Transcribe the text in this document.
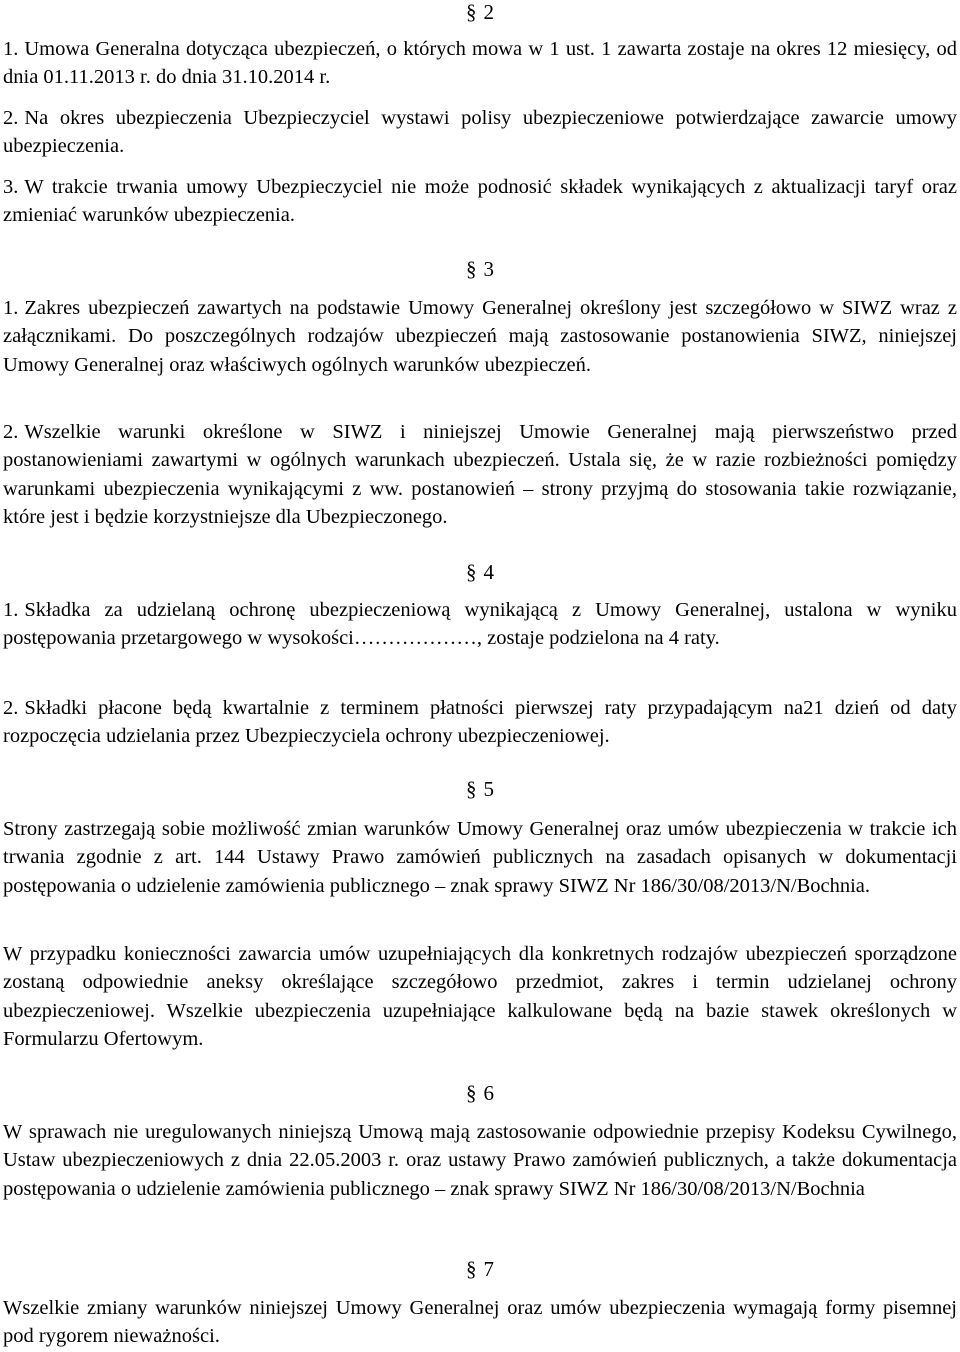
§ 2

1. Umowa Generalna dotycząca ubezpieczeń, o których mowa w 1 ust. 1 zawarta zostaje na okres 12 miesięcy, od dnia 01.11.2013 r. do dnia 31.10.2014 r.

2. Na okres ubezpieczenia Ubezpieczyciel wystawi polisy ubezpieczeniowe potwierdzające zawarcie umowy ubezpieczenia.

3. W trakcie trwania umowy Ubezpieczyciel nie może podnosić składek wynikających z aktualizacji taryf oraz zmieniać warunków ubezpieczenia.

§ 3

1. Zakres ubezpieczeń zawartych na podstawie Umowy Generalnej określony jest szczegółowo w SIWZ wraz z załącznikami. Do poszczególnych rodzajów ubezpieczeń mają zastosowanie postanowienia SIWZ, niniejszej Umowy Generalnej oraz właściwych ogólnych warunków ubezpieczeń.

2. Wszelkie warunki określone w SIWZ i niniejszej Umowie Generalnej mają pierwszeństwo przed postanowieniami zawartymi w ogólnych warunkach ubezpieczeń. Ustala się, że w razie rozbieżności pomiędzy warunkami ubezpieczenia wynikającymi z ww. postanowień – strony przyjmą do stosowania takie rozwiązanie, które jest i będzie korzystniejsze dla Ubezpieczonego.

§ 4

1. Składka za udzielaną ochronę ubezpieczeniową wynikającą z Umowy Generalnej, ustalona w wyniku postępowania przetargowego w wysokości………………, zostaje podzielona na 4 raty.

2. Składki płacone będą kwartalnie z terminem płatności pierwszej raty przypadającym na21 dzień od daty rozpoczęcia udzielania przez Ubezpieczyciela ochrony ubezpieczeniowej.

§ 5

Strony zastrzegają sobie możliwość zmian warunków Umowy Generalnej oraz umów ubezpieczenia w trakcie ich trwania zgodnie z art. 144 Ustawy Prawo zamówień publicznych na zasadach opisanych w dokumentacji postępowania o udzielenie zamówienia publicznego – znak sprawy SIWZ Nr 186/30/08/2013/N/Bochnia.

W przypadku konieczności zawarcia umów uzupełniających dla konkretnych rodzajów ubezpieczeń sporządzone zostaną odpowiednie aneksy określające szczegółowo przedmiot, zakres i termin udzielanej ochrony ubezpieczeniowej. Wszelkie ubezpieczenia uzupełniające kalkulowane będą na bazie stawek określonych w Formularzu Ofertowym.

§ 6

W sprawach nie uregulowanych niniejszą Umową mają zastosowanie odpowiednie przepisy Kodeksu Cywilnego, Ustaw ubezpieczeniowych z dnia 22.05.2003 r. oraz ustawy Prawo zamówień publicznych, a także dokumentacja postępowania o udzielenie zamówienia publicznego – znak sprawy SIWZ Nr 186/30/08/2013/N/Bochnia

§ 7

Wszelkie zmiany warunków niniejszej Umowy Generalnej oraz umów ubezpieczenia wymagają formy pisemnej pod rygorem nieważności.
